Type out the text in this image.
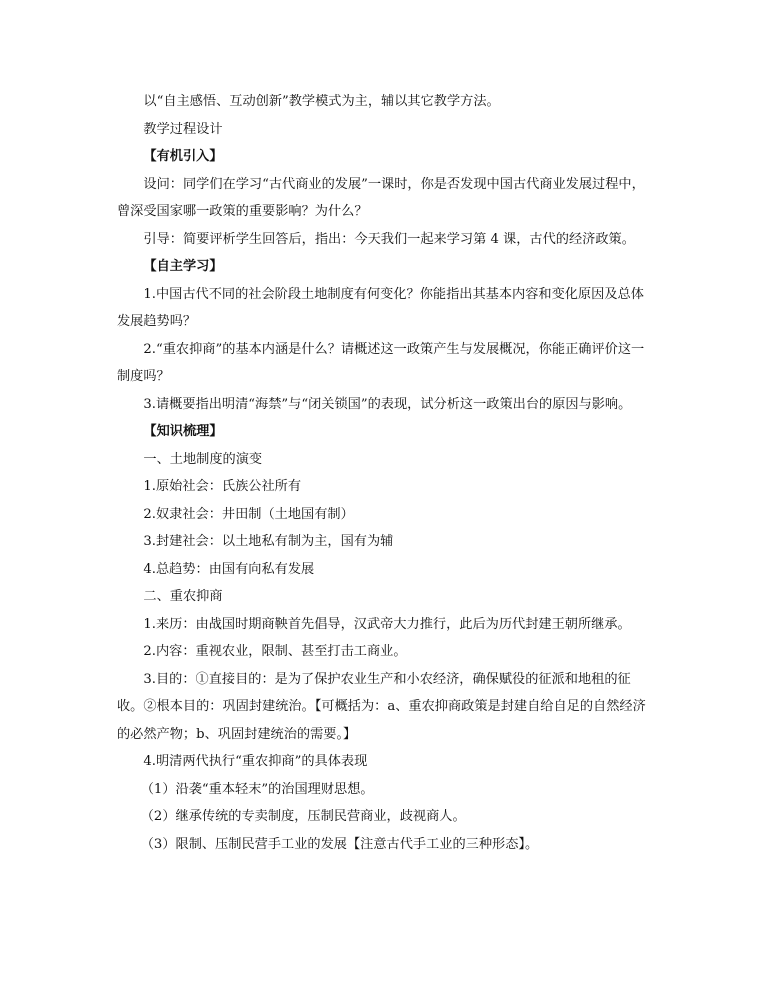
以“自主感悟、互动创新”教学模式为主，辅以其它教学方法。

教学过程设计

【有机引入】

设问：同学们在学习“古代商业的发展”一课时，你是否发现中国古代商业发展过程中，曾深受国家哪一政策的重要影响？为什么？

引导：简要评析学生回答后，指出：今天我们一起来学习第 4 课，古代的经济政策。

【自主学习】

1.中国古代不同的社会阶段土地制度有何变化？你能指出其基本内容和变化原因及总体发展趋势吗？

2.“重农抑商”的基本内涵是什么？请概述这一政策产生与发展概况，你能正确评价这一制度吗？

3.请概要指出明清“海禁”与“闭关锁国”的表现，试分析这一政策出台的原因与影响。

【知识梳理】

一、土地制度的演变

1.原始社会：氏族公社所有

2.奴隶社会：井田制（土地国有制）

3.封建社会：以土地私有制为主，国有为辅

4.总趋势：由国有向私有发展

二、重农抑商

1.来历：由战国时期商鞅首先倡导，汉武帝大力推行，此后为历代封建王朝所继承。

2.内容：重视农业，限制、甚至打击工商业。

3.目的：①直接目的：是为了保护农业生产和小农经济，确保赋役的征派和地租的征收。②根本目的：巩固封建统治。【可概括为：a、重农抑商政策是封建自给自足的自然经济的必然产物；b、巩固封建统治的需要。】

4.明清两代执行“重农抑商”的具体表现

（1）沿袭“重本轻末”的治国理财思想。

（2）继承传统的专卖制度，压制民营商业，歧视商人。

（3）限制、压制民营手工业的发展【注意古代手工业的三种形态】。
